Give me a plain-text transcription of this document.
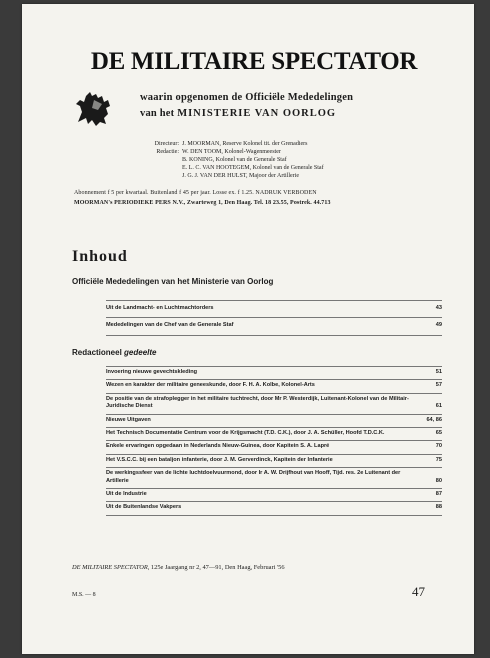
DE MILITAIRE SPECTATOR
waarin opgenomen de Officiële Mededelingen
van het MINISTERIE VAN OORLOG
Directeur: J. MOORMAN, Reserve Kolonel tit. der Grenadiers
Redactie: W. DEN TOOM, Kolonel-Wagenmeester
B. KONING, Kolonel van de Generale Staf
E. L. C. VAN HOOTEGEM, Kolonel van de Generale Staf
J. G. J. VAN DER HULST, Majoor der Artillerie
Abonnement f 5 per kwartaal. Buitenland f 45 per jaar. Losse ex. f 1.25. NADRUK VERBODEN
MOORMAN's PERIODIEKE PERS N.V., Zwarteweg 1, Den Haag. Tel. 18 23.55, Postrek. 44.713
Inhoud
Officiële Mededelingen van het Ministerie van Oorlog
Uit de Landmacht- en Luchtmachtorders	43
Mededelingen van de Chef van de Generale Staf	49
Redactioneel gedeelte
Invoering nieuwe gevechtskleding	51
Wezen en karakter der militaire geneeskunde, door F. H. A. Kolbe, Kolonel-Arts	57
De positie van de strafoplegger in het militaire tuchtrecht, door Mr P. Westerdijk, Luitenant-Kolonel van de Militair-Juridische Dienst	61
Nieuwe Uitgaven	64, 86
Het Technisch Documentatie Centrum voor de Krijgsmacht (T.D. C.K.), door J. A. Schüller, Hoofd T.D.C.K.	65
Enkele ervaringen opgedaan in Nederlands Nieuw-Guinea, door Kapitein S. A. Lapré	70
Het V.S.C.C. bij een bataljon infanterie, door J. M. Gerverdinck, Kapitein der Infanterie	75
De werkingssfeer van de lichte luchtdoelvuurmond, door Ir A. W. Drijfhout van Hooff, Tijd. res. 2e Luitenant der Artillerie	80
Uit de Industrie	87
Uit de Buitenlandse Vakpers	88
DE MILITAIRE SPECTATOR, 125e Jaargang nr 2, 47—91, Den Haag, Februari '56
M.S. — 8	47
